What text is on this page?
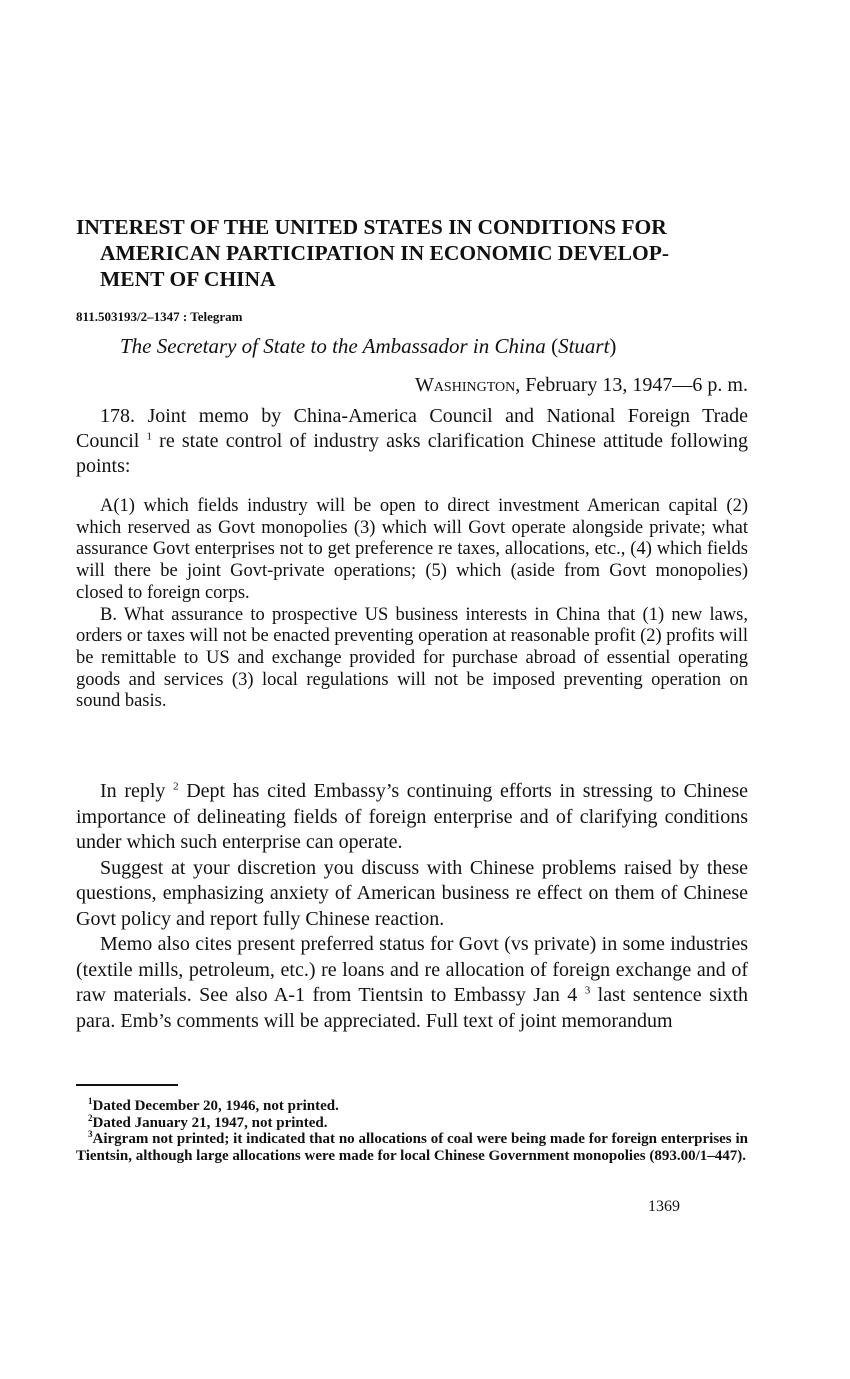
INTEREST OF THE UNITED STATES IN CONDITIONS FOR
AMERICAN PARTICIPATION IN ECONOMIC DEVELOP-
MENT OF CHINA
811.503193/2–1347 : Telegram
The Secretary of State to the Ambassador in China (Stuart)
Washington, February 13, 1947—6 p. m.

178. Joint memo by China-America Council and National Foreign Trade Council $^1$ re state control of industry asks clarification Chinese attitude following points:

A(1) which fields industry will be open to direct investment American capital (2) which reserved as Govt monopolies (3) which will Govt operate alongside private; what assurance Govt enterprises not to get preference re taxes, allocations, etc., (4) which fields will there be joint Govt-private operations; (5) which (aside from Govt monopolies) closed to foreign corps.

B. What assurance to prospective US business interests in China that (1) new laws, orders or taxes will not be enacted preventing operation at reasonable profit (2) profits will be remittable to US and exchange provided for purchase abroad of essential operating goods and services (3) local regulations will not be imposed preventing operation on sound basis.

In reply $^2$ Dept has cited Embassy’s continuing efforts in stressing to Chinese importance of delineating fields of foreign enterprise and of clarifying conditions under which such enterprise can operate.

Suggest at your discretion you discuss with Chinese problems raised by these questions, emphasizing anxiety of American business re effect on them of Chinese Govt policy and report fully Chinese reaction.

Memo also cites present preferred status for Govt (vs private) in some industries (textile mills, petroleum, etc.) re loans and re allocation of foreign exchange and of raw materials. See also A-1 from Tientsin to Embassy Jan 4 $^3$ last sentence sixth para. Emb’s comments will be appreciated. Full text of joint memorandum

$^1$Dated December 20, 1946, not printed.

$^2$Dated January 21, 1947, not printed.

$^3$Airgram not printed; it indicated that no allocations of coal were being made for foreign enterprises in Tientsin, although large allocations were made for local Chinese Government monopolies (893.00/1–447).

1369
